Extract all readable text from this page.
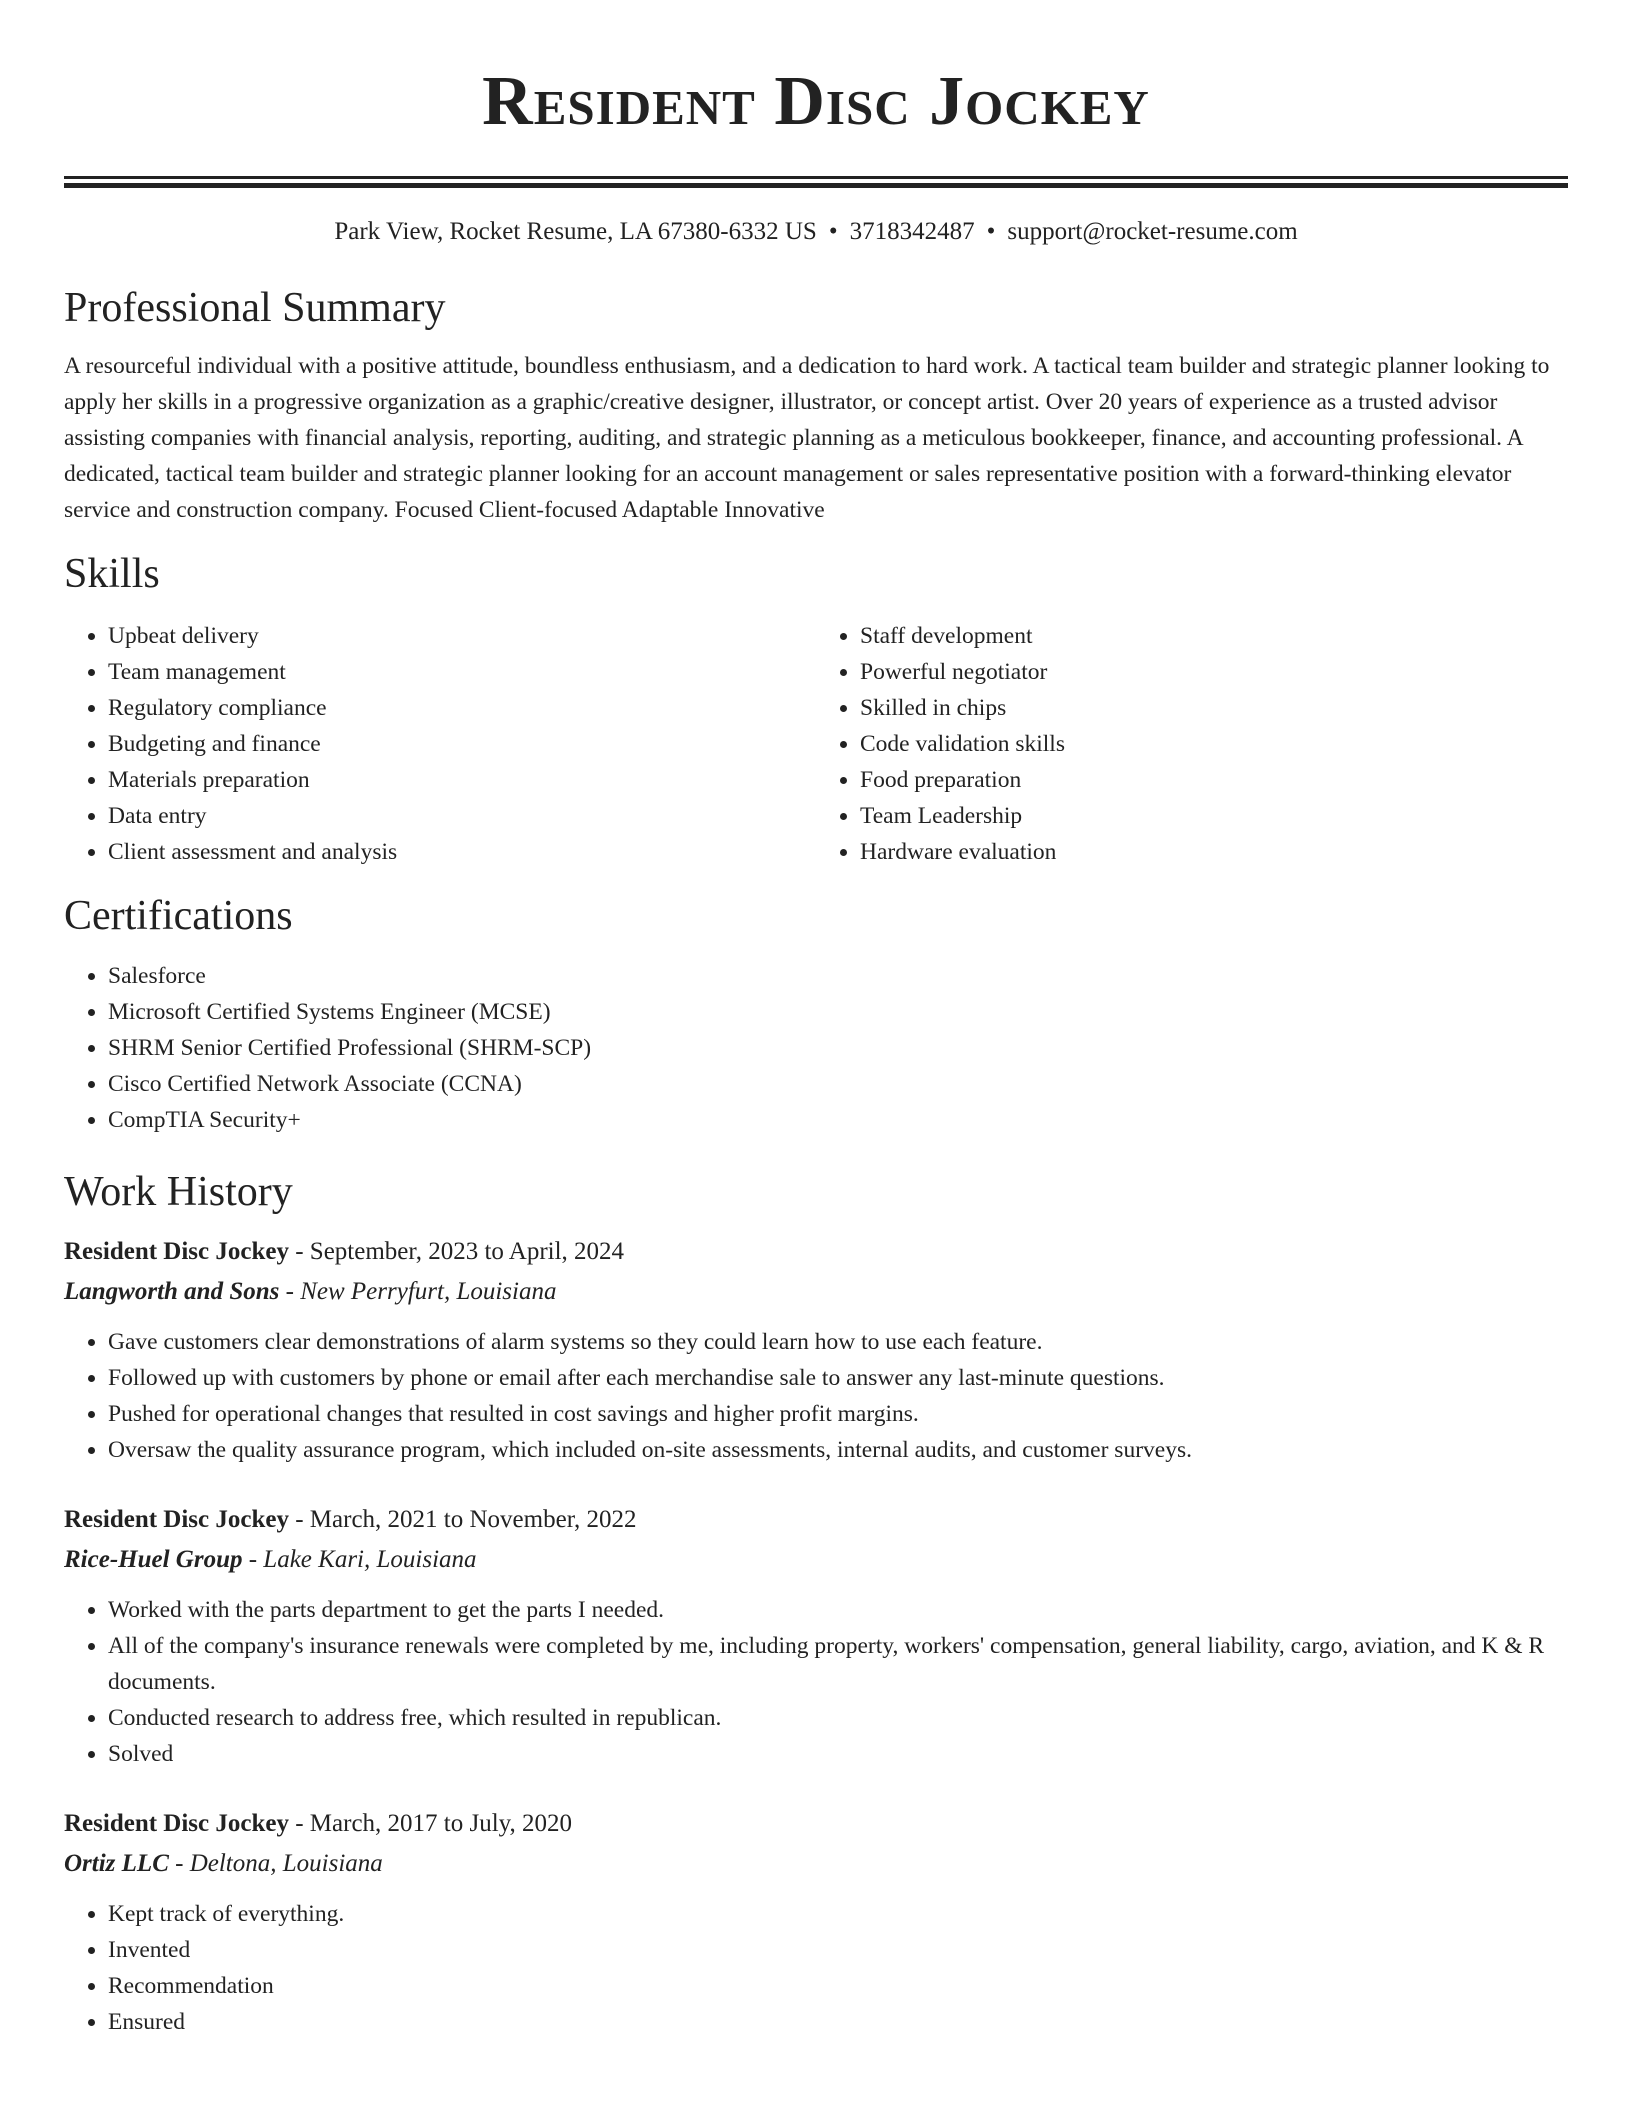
Resident Disc Jockey
Park View, Rocket Resume, LA 67380-6332 US • 3718342487 • support@rocket-resume.com
Professional Summary

A resourceful individual with a positive attitude, boundless enthusiasm, and a dedication to hard work. A tactical team builder and strategic planner looking to apply her skills in a progressive organization as a graphic/creative designer, illustrator, or concept artist. Over 20 years of experience as a trusted advisor assisting companies with financial analysis, reporting, auditing, and strategic planning as a meticulous bookkeeper, finance, and accounting professional. A dedicated, tactical team builder and strategic planner looking for an account management or sales representative position with a forward-thinking elevator service and construction company. Focused Client-focused Adaptable Innovative

Skills
• Upbeat delivery
• Team management
• Regulatory compliance
• Budgeting and finance
• Materials preparation
• Data entry
• Client assessment and analysis
• Staff development
• Powerful negotiator
• Skilled in chips
• Code validation skills
• Food preparation
• Team Leadership
• Hardware evaluation
Certifications
• Salesforce
• Microsoft Certified Systems Engineer (MCSE)
• SHRM Senior Certified Professional (SHRM-SCP)
• Cisco Certified Network Associate (CCNA)
• CompTIA Security+
Work History
Resident Disc Jockey - September, 2023 to April, 2024
Langworth and Sons - New Perryfurt, Louisiana
• Gave customers clear demonstrations of alarm systems so they could learn how to use each feature.
• Followed up with customers by phone or email after each merchandise sale to answer any last-minute questions.
• Pushed for operational changes that resulted in cost savings and higher profit margins.
• Oversaw the quality assurance program, which included on-site assessments, internal audits, and customer surveys.
Resident Disc Jockey - March, 2021 to November, 2022
Rice-Huel Group - Lake Kari, Louisiana
• Worked with the parts department to get the parts I needed.
• All of the company's insurance renewals were completed by me, including property, workers' compensation, general liability, cargo, aviation, and K & R documents.
• Conducted research to address free, which resulted in republican.
• Solved
Resident Disc Jockey - March, 2017 to July, 2020
Ortiz LLC - Deltona, Louisiana
• Kept track of everything.
• Invented
• Recommendation
• Ensured
